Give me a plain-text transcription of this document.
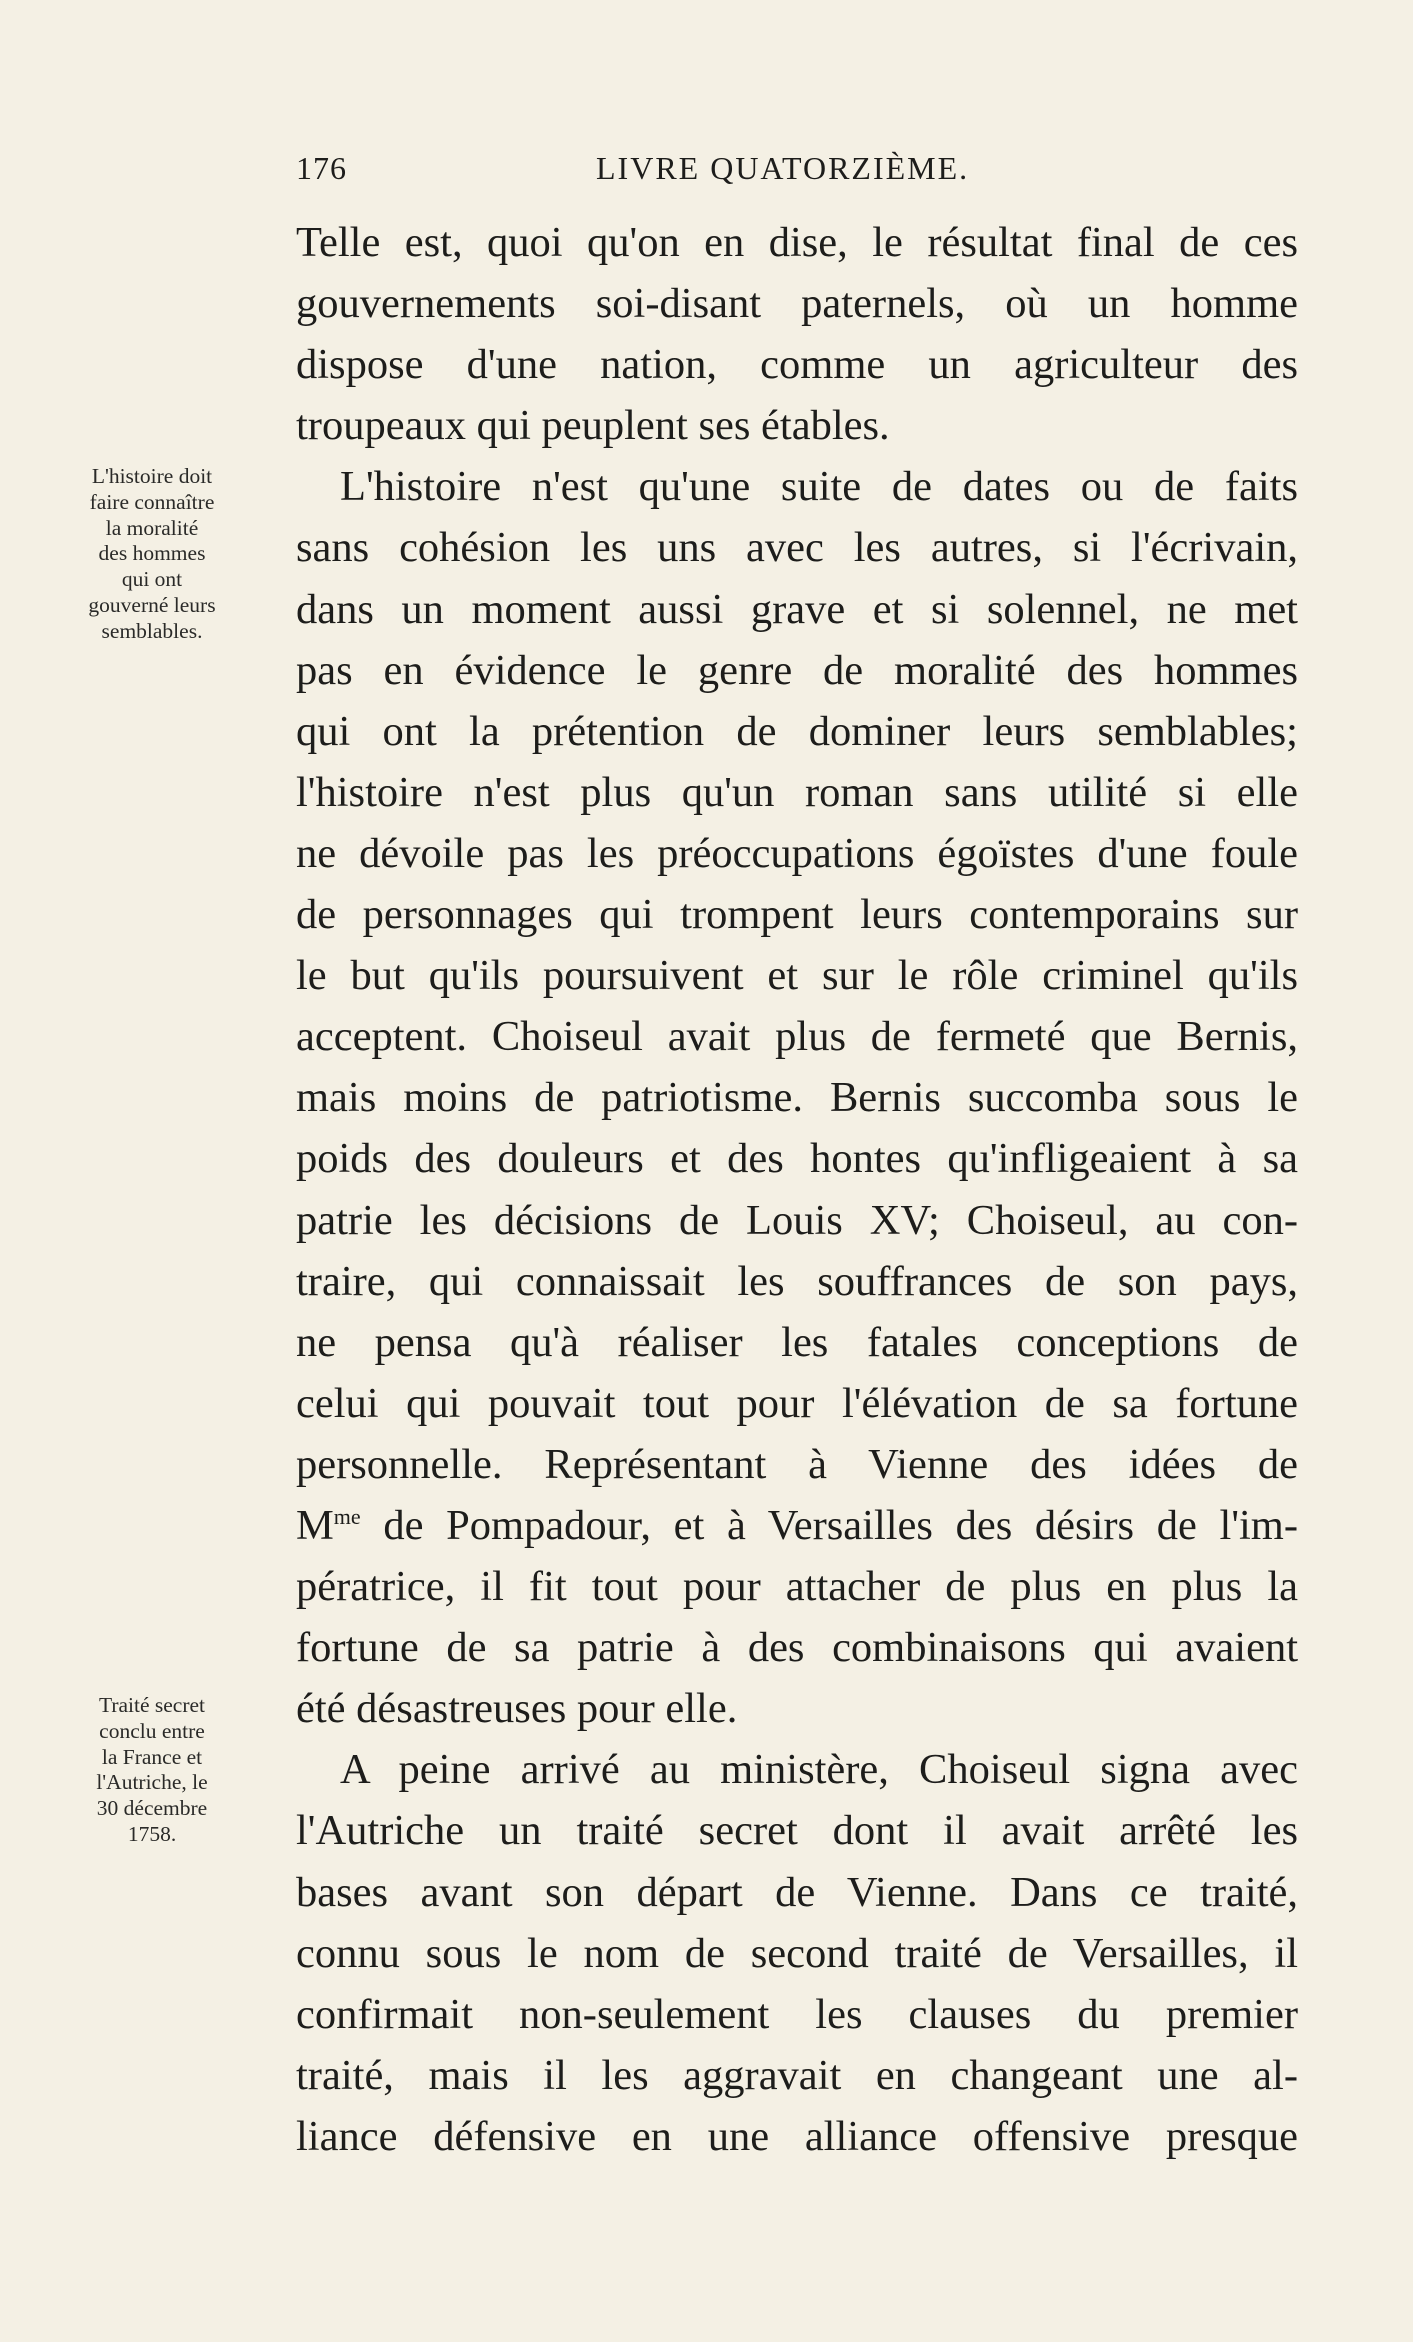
176	LIVRE QUATORZIÈME.
L'histoire doit
faire connaître
la moralité
des hommes
qui ont
gouverné leurs
semblables.
Traité secret
conclu entre
la France et
l'Autriche, le
30 décembre
1758.

Telle est, quoi qu'on en dise, le résultat final de ces
gouvernements soi-disant paternels, où un homme
dispose d'une nation, comme un agriculteur des
troupeaux qui peuplent ses étables.

L'histoire n'est qu'une suite de dates ou de faits
sans cohésion les uns avec les autres, si l'écrivain,
dans un moment aussi grave et si solennel, ne met
pas en évidence le genre de moralité des hommes
qui ont la prétention de dominer leurs semblables;
l'histoire n'est plus qu'un roman sans utilité si elle
ne dévoile pas les préoccupations égoïstes d'une foule
de personnages qui trompent leurs contemporains sur
le but qu'ils poursuivent et sur le rôle criminel qu'ils
acceptent. Choiseul avait plus de fermeté que Bernis,
mais moins de patriotisme. Bernis succomba sous le
poids des douleurs et des hontes qu'infligeaient à sa
patrie les décisions de Louis XV; Choiseul, au con-
traire, qui connaissait les souffrances de son pays,
ne pensa qu'à réaliser les fatales conceptions de
celui qui pouvait tout pour l'élévation de sa fortune
personnelle. Représentant à Vienne des idées de
$M^{me}$ de Pompadour, et à Versailles des désirs de l'im-
pératrice, il fit tout pour attacher de plus en plus la
fortune de sa patrie à des combinaisons qui avaient
été désastreuses pour elle.

A peine arrivé au ministère, Choiseul signa avec
l'Autriche un traité secret dont il avait arrêté les
bases avant son départ de Vienne. Dans ce traité,
connu sous le nom de second traité de Versailles, il
confirmait non-seulement les clauses du premier
traité, mais il les aggravait en changeant une al-
liance défensive en une alliance offensive presque
